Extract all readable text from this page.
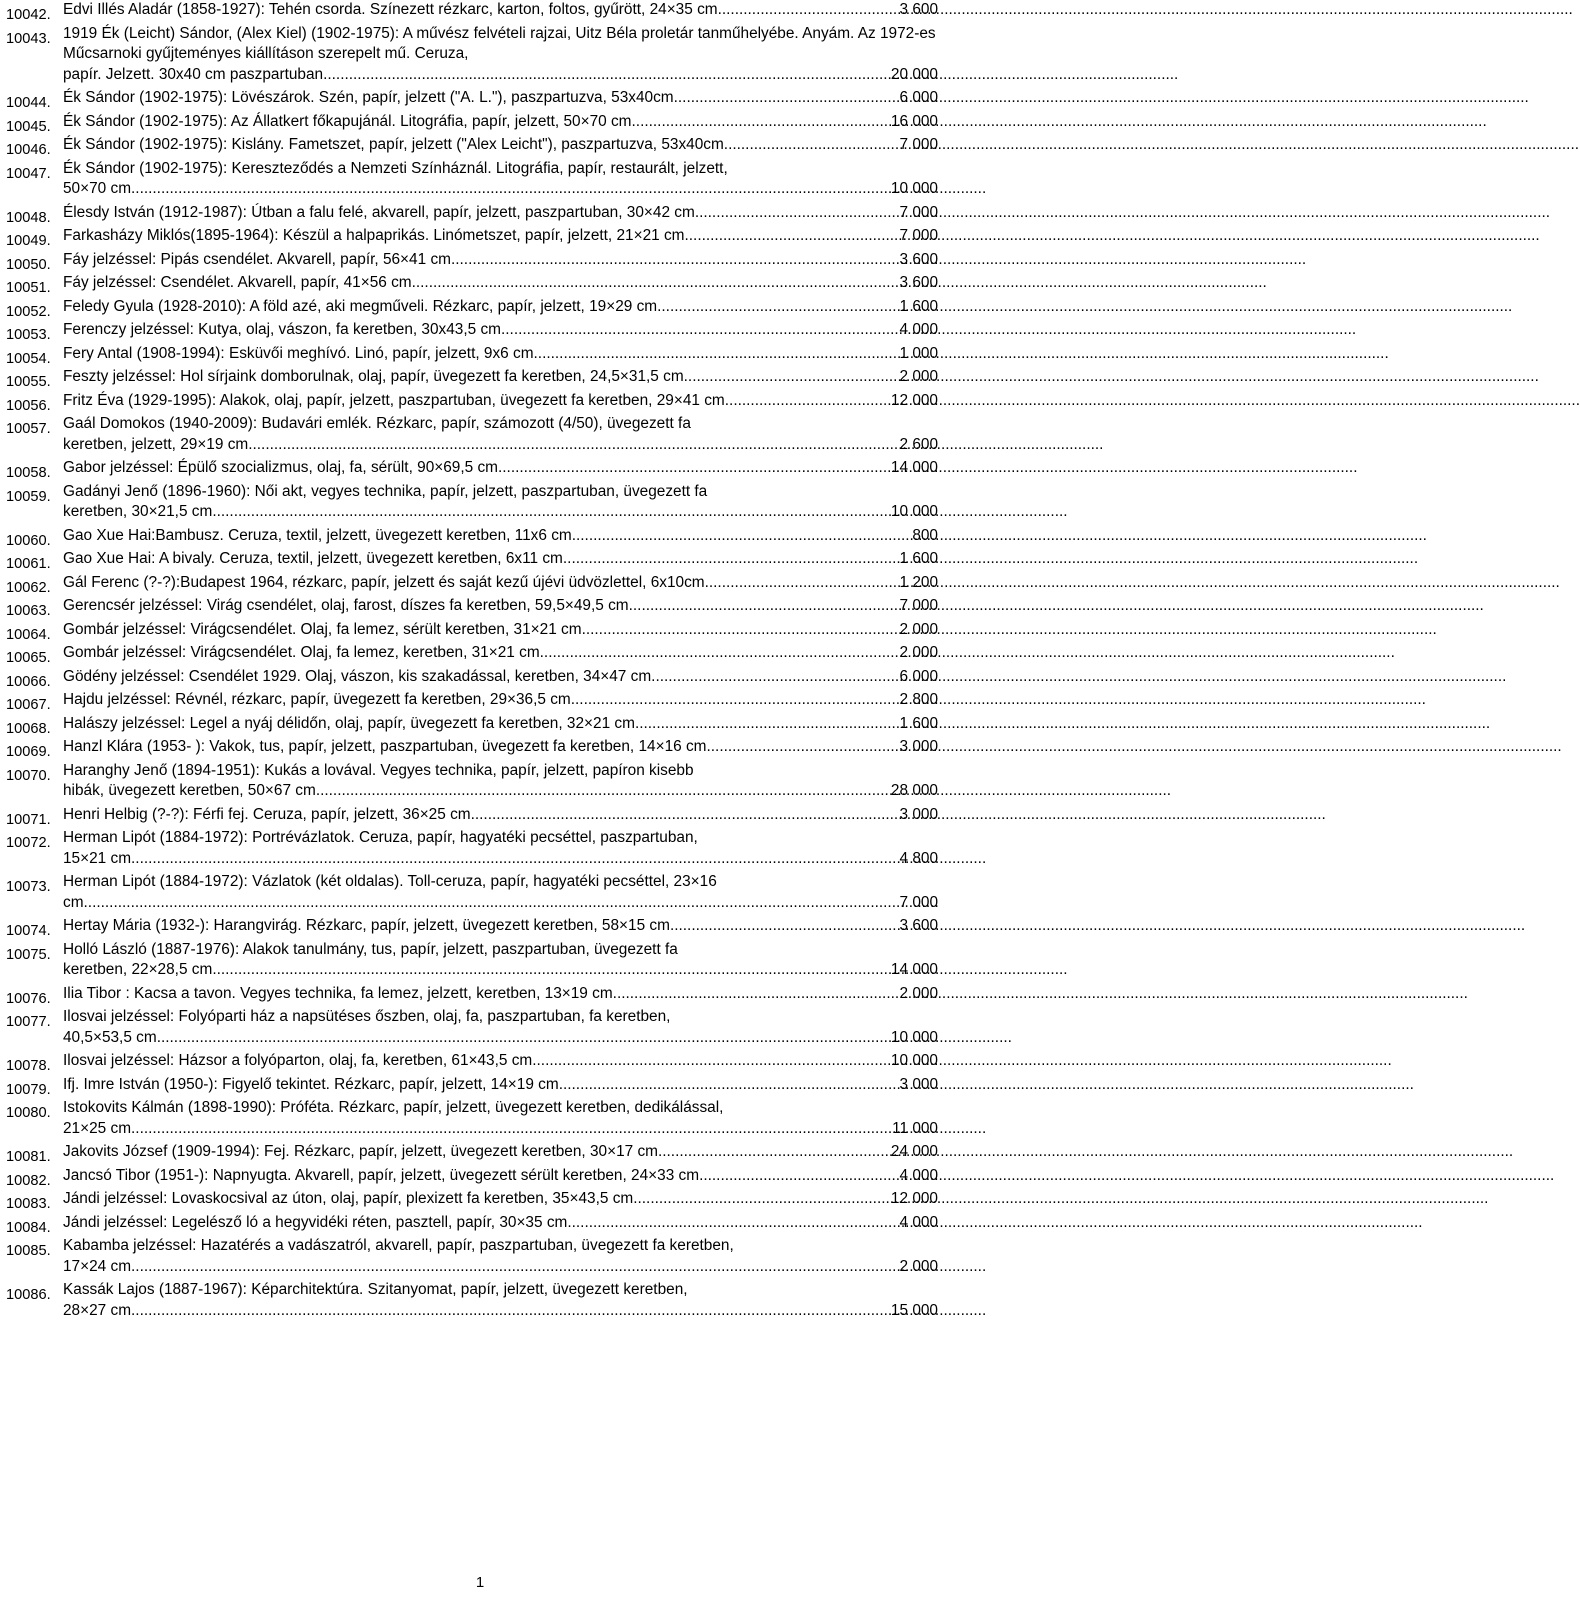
10042. Edvi Illés Aladár (1858-1927): Tehén csorda. Színezett rézkarc, karton, foltos, gyűrött, 24×35 cm .....	3 600
10043. 1919 Ék (Leicht) Sándor, (Alex Kiel) (1902-1975): A művész felvételi rajzai, Uitz Béla proletár tanműhelyébe. Anyám. Az 1972-es Műcsarnoki gyűjteményes kiállításon szerepelt mű. Ceruza,
papír. Jelzett. 30x40 cm paszpartuban .....	20 000
10044. Ék Sándor (1902-1975): Lövészárok. Szén, papír, jelzett ("A. L."), paszpartuzva, 53x40cm .....	6 000
10045. Ék Sándor (1902-1975): Az Állatkert főkapujánál. Litográfia, papír, jelzett, 50×70 cm .....	16 000
10046. Ék Sándor (1902-1975): Kislány. Fametszet, papír, jelzett ("Alex Leicht"), paszpartuzva, 53x40cm .....	7 000
10047. Ék Sándor (1902-1975): Kereszteződés a Nemzeti Színháznál. Litográfia, papír, restaurált, jelzett,
50×70 cm .....	10 000
10048. Élesdy István (1912-1987): Útban a falu felé, akvarell, papír, jelzett, paszpartuban, 30×42 cm .....	7 000
10049. Farkasházy Miklós(1895-1964): Készül a halpaprikás. Linómetszet, papír, jelzett, 21×21 cm .....	7 000
10050. Fáy jelzéssel: Pipás csendélet. Akvarell, papír, 56×41 cm .....	3 600
10051. Fáy jelzéssel: Csendélet. Akvarell, papír, 41×56 cm .....	3 600
10052. Feledy Gyula (1928-2010): A föld azé, aki megműveli. Rézkarc, papír, jelzett, 19×29 cm .....	1 600
10053. Ferenczy jelzéssel: Kutya, olaj, vászon, fa keretben, 30x43,5 cm .....	4 000
10054. Fery Antal (1908-1994): Esküvői meghívó. Linó, papír, jelzett, 9x6 cm .....	1 000
10055. Feszty jelzéssel: Hol sírjaink domborulnak, olaj, papír, üvegezett fa keretben, 24,5×31,5 cm .....	2 000
10056. Fritz Éva (1929-1995): Alakok, olaj, papír, jelzett, paszpartuban, üvegezett fa keretben, 29×41 cm .....	12 000
10057. Gaál Domokos (1940-2009): Budavári emlék. Rézkarc, papír, számozott (4/50), üvegezett fa
keretben, jelzett, 29×19 cm .....	2 600
10058. Gabor jelzéssel: Épülő szocializmus, olaj, fa, sérült, 90×69,5 cm. .....	14 000
10059. Gadányi Jenő (1896-1960): Női akt, vegyes technika, papír, jelzett, paszpartuban, üvegezett fa
keretben, 30×21,5 cm .....	10 000
10060. Gao Xue Hai:Bambusz. Ceruza, textil, jelzett, üvegezett keretben, 11x6 cm .....	800
10061. Gao Xue Hai: A bivaly. Ceruza, textil, jelzett, üvegezett keretben, 6x11 cm .....	1 600
10062. Gál Ferenc (?-?):Budapest 1964, rézkarc, papír, jelzett és saját kezű újévi üdvözlettel, 6x10cm .....	1 200
10063. Gerencsér jelzéssel: Virág csendélet, olaj, farost, díszes fa keretben, 59,5×49,5 cm .....	7 000
10064. Gombár jelzéssel: Virágcsendélet. Olaj, fa lemez, sérült keretben, 31×21 cm .....	2 000
10065. Gombár jelzéssel: Virágcsendélet. Olaj, fa lemez, keretben, 31×21 cm .....	2 000
10066. Gödény jelzéssel: Csendélet 1929. Olaj, vászon, kis szakadással, keretben, 34×47 cm .....	6 000
10067. Hajdu jelzéssel: Révnél, rézkarc, papír, üvegezett fa keretben, 29×36,5 cm .....	2 800
10068. Halászy jelzéssel: Legel a nyáj délidőn, olaj, papír, üvegezett fa keretben, 32×21 cm .....	1 600
10069. Hanzl Klára (1953- ): Vakok, tus, papír, jelzett, paszpartuban, üvegezett fa keretben, 14×16 cm .....	3 000
10070. Haranghy Jenő (1894-1951): Kukás a lovával. Vegyes technika, papír, jelzett, papíron kisebb
hibák, üvegezett keretben, 50×67 cm .....	28 000
10071. Henri Helbig (?-?): Férfi fej. Ceruza, papír, jelzett, 36×25 cm .....	3 000
10072. Herman Lipót (1884-1972): Portrévázlatok. Ceruza, papír, hagyatéki pecséttel, paszpartuban,
15×21 cm .....	4 800
10073. Herman Lipót (1884-1972): Vázlatok (két oldalas). Toll-ceruza, papír, hagyatéki pecséttel, 23×16
cm .....	7 000
10074. Hertay Mária (1932-): Harangvirág. Rézkarc, papír, jelzett, üvegezett keretben, 58×15 cm .....	3 600
10075. Holló László (1887-1976): Alakok tanulmány, tus, papír, jelzett, paszpartuban, üvegezett fa
keretben, 22×28,5 cm .....	14 000
10076. Ilia Tibor : Kacsa a tavon. Vegyes technika, fa lemez, jelzett, keretben, 13×19 cm .....	2 000
10077. Ilosvai jelzéssel: Folyóparti ház a napsütéses őszben, olaj, fa, paszpartuban, fa keretben,
40,5×53,5 cm .....	10 000
10078. Ilosvai jelzéssel: Házsor a folyóparton, olaj, fa, keretben, 61×43,5 cm. .....	10 000
10079. Ifj. Imre István (1950-): Figyelő tekintet. Rézkarc, papír, jelzett, 14×19 cm .....	3 000
10080. Istokovits Kálmán (1898-1990): Próféta. Rézkarc, papír, jelzett, üvegezett keretben, dedikálással,
21×25 cm .....	11 000
10081. Jakovits József (1909-1994): Fej. Rézkarc, papír, jelzett, üvegezett keretben, 30×17 cm .....	24 000
10082. Jancsó Tibor (1951-): Napnyugta. Akvarell, papír, jelzett, üvegezett sérült keretben, 24×33 cm .....	4 000
10083. Jándi jelzéssel: Lovaskocsival az úton, olaj, papír, plexizett fa keretben, 35×43,5 cm .....	12 000
10084. Jándi jelzéssel: Legelésző ló a hegyvidéki réten, pasztell, papír, 30×35 cm .....	4 000
10085. Kabamba jelzéssel: Hazatérés a vadászatról, akvarell, papír, paszpartuban, üvegezett fa keretben,
17×24 cm .....	2 000
10086. Kassák Lajos (1887-1967): Képarchitektúra. Szitanyomat, papír, jelzett, üvegezett keretben,
28×27 cm .....	15 000
1
